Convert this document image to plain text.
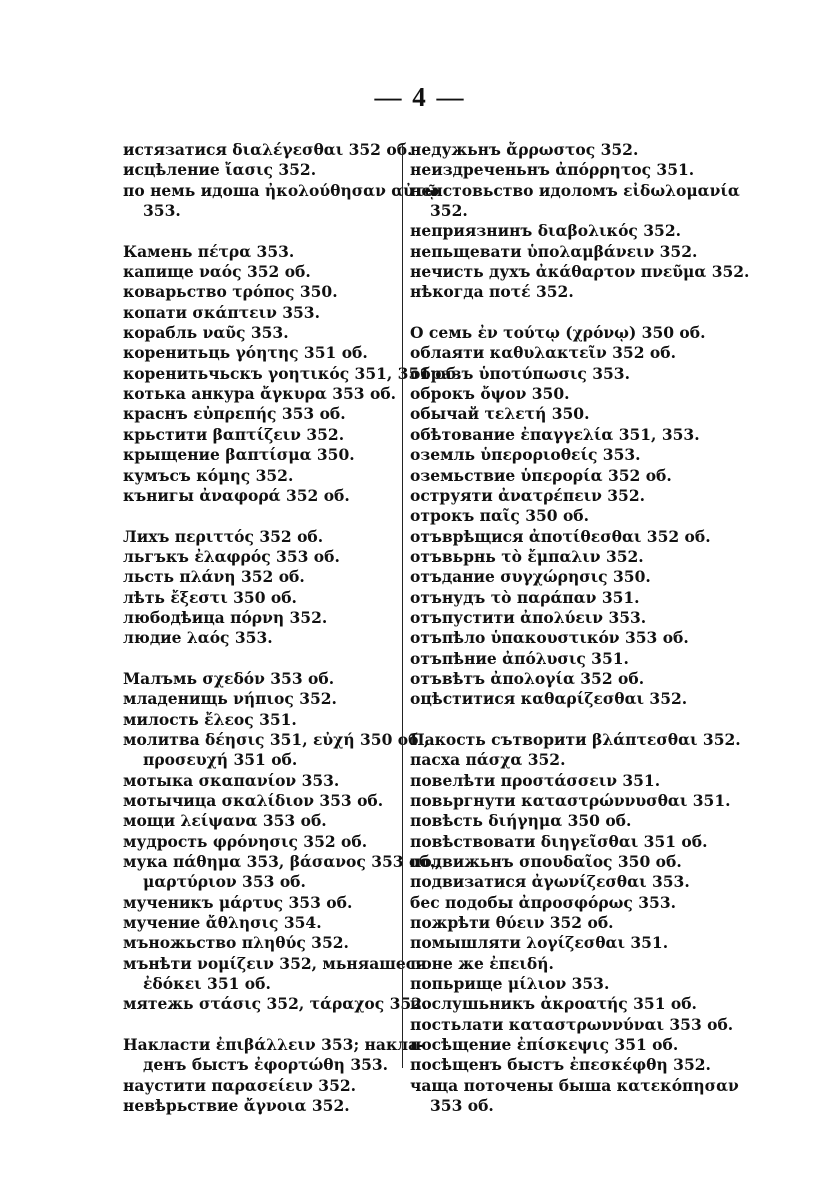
— 4 —
истязатися διαλέγεσθαι 352 об.
исцѣление ἴασις 352.
по немь идоша ἠκολούθησαν αὐτῷ
353.
Камень πέτρα 353.
капище ναός 352 об.
коварьство τρόπος 350.
копати σκάπτειν 353.
корабль ναῦς 353.
коренитьць γόητης 351 об.
коренитьчьскъ γοητικός 351, 351 об.
котька анкура ἄγκυρα 353 об.
краснъ εὐπρεπής 353 об.
крьстити βαπτίζειν 352.
крыщение βαπτίσμα 350.
кумъсъ κόμης 352.
кънигы ἀναφορά 352 об.
Лихъ περιττός 352 об.
льгъкъ ἐλαφρός 353 об.
льсть πλάνη 352 об.
лѣть ἔξεστι 350 об.
любодѣица πόρνη 352.
людие λαός 353.
Малъмь σχεδόν 353 об.
младенищь νήπιος 352.
милость ἔλεος 351.
молитва δέησις 351, εὐχή 350 об.,
προσευχή 351 об.
мотыка σκαπανίον 353.
мотычица σκαλίδιον 353 об.
мощи λείψανα 353 об.
мудрость φρόνησις 352 об.
мука πάθημα 353, βάσανος 353 об.,
μαρτύριον 353 об.
мученикъ μάρτυς 353 об.
мучение ἄθλησις 354.
мъножьство πληθύς 352.
мънѣти νομίζειν 352, мьняашеся
ἐδόκει 351 об.
мятежь στάσις 352, τάραχος 352.
Накласти ἐπιβάλλειν 353; накла-
денъ быстъ ἐφορτώθη 353.
наустити παρασείειν 352.
невѣрьствие ἄγνοια 352.
недужьнъ ἄρρωστος 352.
неиздреченьнъ ἀπόρρητος 351.
неистовьство идоломъ εἰδωλομανία
352.
неприязнинъ διαβολικός 352.
непьщевати ὑπολαμβάνειν 352.
нечисть духъ ἀκάθαρτον πνεῦμα 352.
нѣкогда ποτέ 352.
О семь ἐν τούτῳ (χρόνῳ) 350 об.
облаяти καθυλακτεῖν 352 об.
образъ ὑποτύπωσις 353.
оброкъ ὄψον 350.
обычай τελετή 350.
обѣтование ἐπαγγελία 351, 353.
оземль ὑπεροριοθείς 353.
оземьствие ὑπερορία 352 об.
оструяти ἀνατρέπειν 352.
отрокъ παῖς 350 об.
отъврѣщися ἀποτίθεσθαι 352 об.
отъвьрнь τὸ ἔμπαλιν 352.
отъдание συγχώρησις 350.
отънудъ τὸ παράπαν 351.
отъпустити ἀπολύειν 353.
отъпѣло ὑπακουστικόν 353 об.
отъпѣние ἀπόλυσις 351.
отъвѣтъ ἀπολογία 352 об.
оцѣститися καθαρίζεσθαι 352.
Пакость сътворити βλάπτεσθαι 352.
пасха πάσχα 352.
повелѣти προστάσσειν 351.
повьргнути καταστρώννυσθαι 351.
повѣсть διήγημα 350 об.
повѣствовати διηγεῖσθαι 351 об.
подвижьнъ σπουδαῖος 350 об.
подвизатися ἀγωνίζεσθαι 353.
бес подобы ἀπροσφόρως 353.
пожрѣти θύειν 352 об.
помышляти λογίζεσθαι 351.
поне же ἐπειδή.
попьрище μίλιον 353.
послушьникъ ἀκροατής 351 об.
постьлати καταστρωννύναι 353 об.
посѣщение ἐπίσκεψις 351 об.
посѣщенъ быстъ ἐπεσκέφθη 352.
чаща поточены быша κατεκόπησαν
353 об.
